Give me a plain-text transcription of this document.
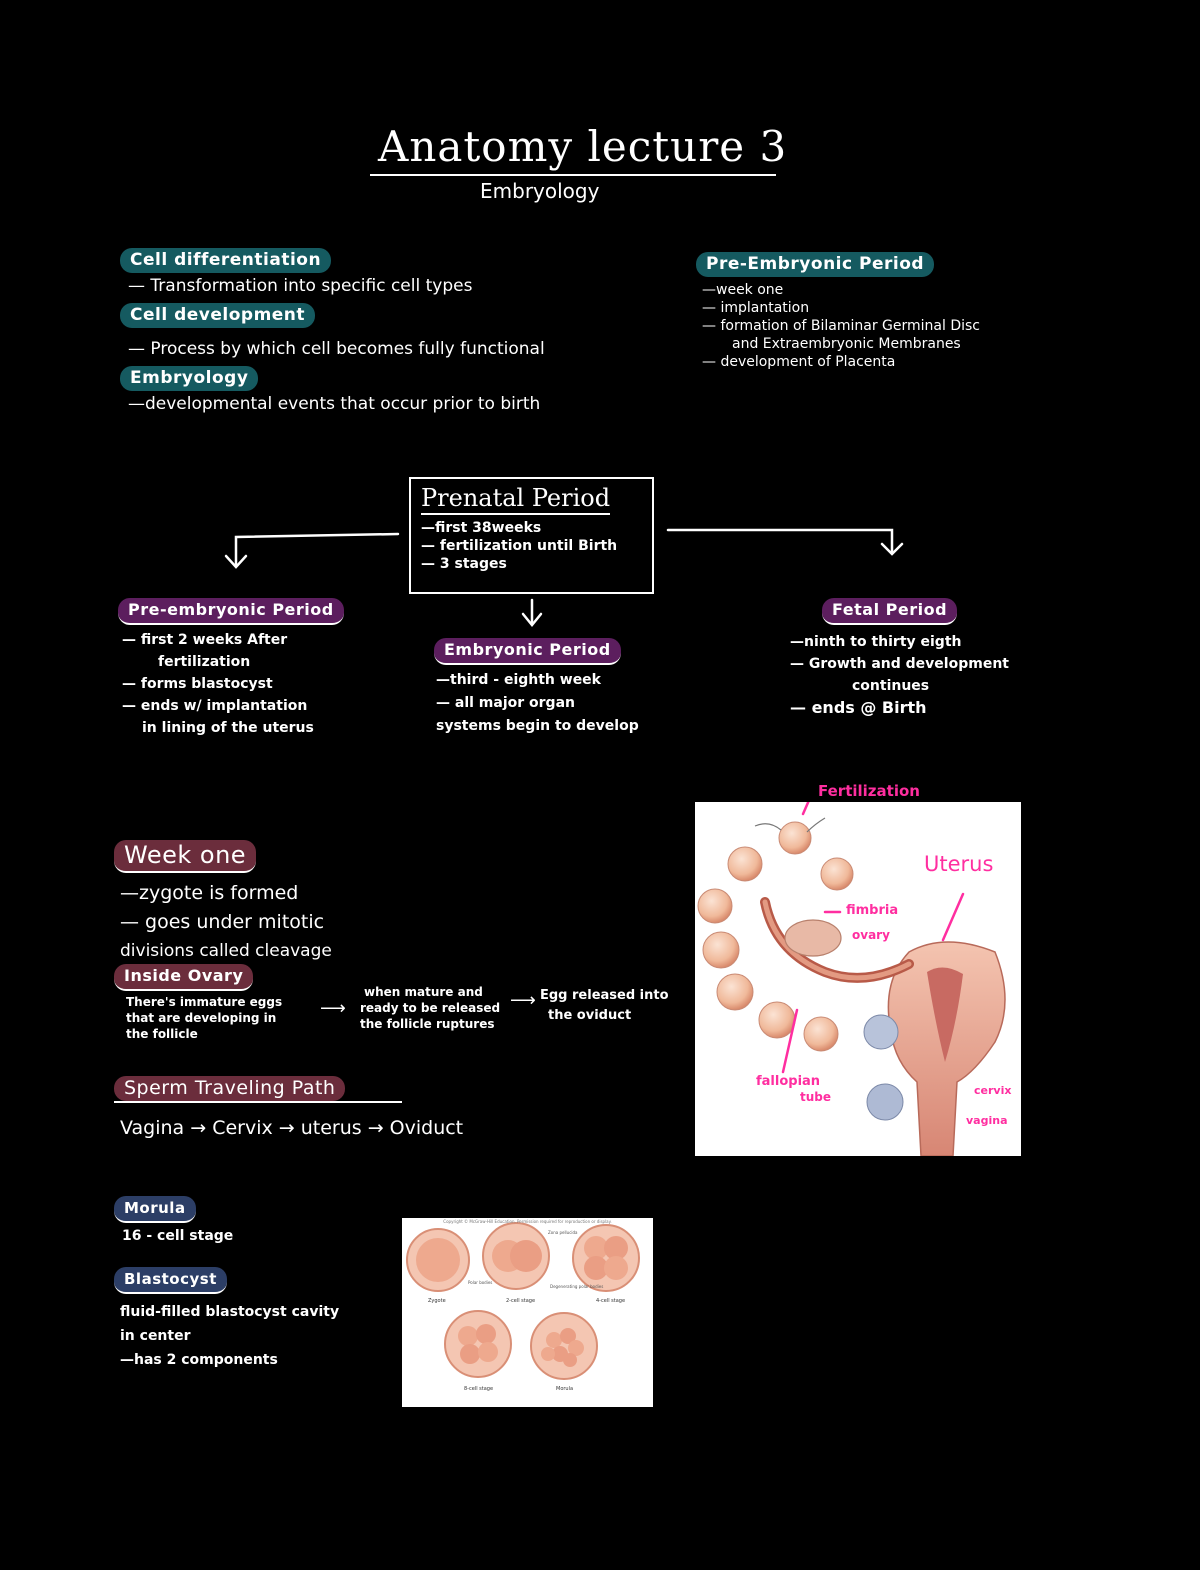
Anatomy lecture 3
Embryology
Cell differentiation
— Transformation into specific cell types
Cell development
— Process by which cell becomes fully functional
Embryology
—developmental events that occur prior to birth
Pre-Embryonic Period
—week one
— implantation
— formation of Bilaminar Germinal Disc
and Extraembryonic Membranes
— development of Placenta
Prenatal Period
—first 38weeks
— fertilization until Birth
— 3 stages
Pre-embryonic Period
— first 2 weeks After
fertilization
— forms blastocyst
— ends w/ implantation
in lining of the uterus
Embryonic Period
—third - eighth week
— all major organ
systems begin to develop
Fetal Period
—ninth to thirty eigth
— Growth and development
continues
— ends @ Birth
Week one
—zygote is formed
— goes under mitotic
divisions called cleavage
Inside Ovary
There's immature eggs
that are developing in
the follicle
⟶
when mature and
ready to be released
the follicle ruptures
⟶ Egg released into
the oviduct
Sperm Traveling Path
Vagina → Cervix → uterus → Oviduct
Morula
16 - cell stage
Blastocyst
fluid-filled blastocyst cavity
in center
—has 2 components
Fertilization
Uterus
fimbria
ovary
fallopian
tube	cervix
vagina
Copyright © McGraw-Hill Education. Permission required for reproduction or display.
Zygote	2-cell stage	4-cell stage
8-cell stage	Morula
Zona pellucida
Polar bodies
Degenerating polar bodies
